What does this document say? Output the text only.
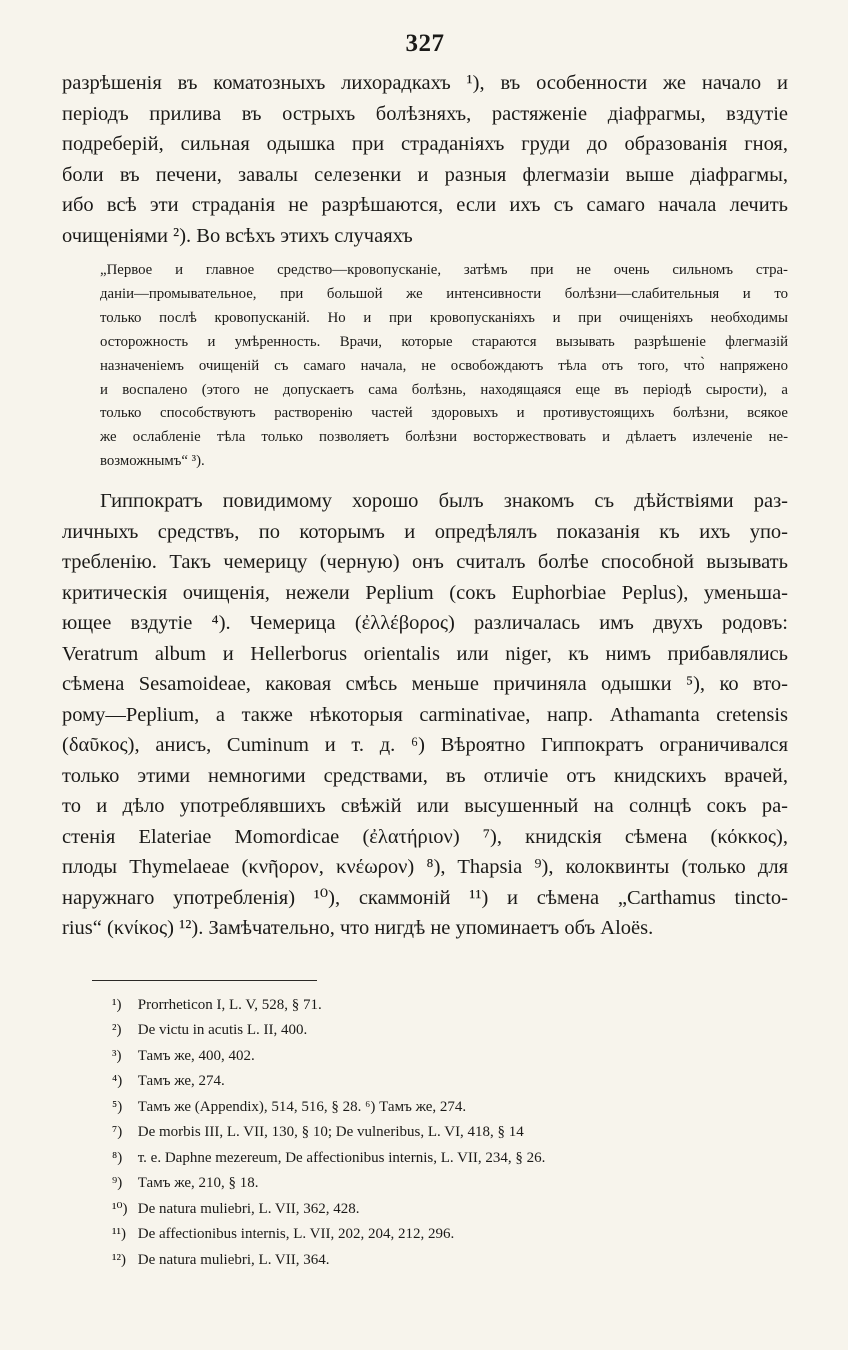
327
разрѣшенія въ коматозныхъ лихорадкахъ ¹), въ особенности же начало и
періодъ прилива въ острыхъ болѣзняхъ, растяженіе діафрагмы, вздутіе
подреберій, сильная одышка при страданіяхъ груди до образованія гноя,
боли въ печени, завалы селезенки и разныя флегмазіи выше діафрагмы,
ибо всѣ эти страданія не разрѣшаются, если ихъ съ самаго начала лечить
очищеніями ²). Во всѣхъ этихъ случаяхъ
„Первое и главное средство—кровопусканіе, затѣмъ при не очень сильномъ стра-
даніи—промывательное, при большой же интенсивности болѣзни—слабительныя и то
только послѣ кровопусканій. Но и при кровопусканіяхъ и при очищеніяхъ необходимы
осторожность и умѣренность. Врачи, которые стараются вызывать разрѣшеніе флегмазій
назначеніемъ очищеній съ самаго начала, не освобождаютъ тѣла отъ того, что̀ напряжено
и воспалено (этого не допускаетъ сама болѣзнь, находящаяся еще въ періодѣ сырости), а
только способствуютъ растворенію частей здоровыхъ и противустоящихъ болѣзни, всякое
же ослабленіе тѣла только позволяетъ болѣзни восторжествовать и дѣлаетъ излеченіе не-
возможнымъ“ ³).
Гиппократъ повидимому хорошо былъ знакомъ съ дѣйствіями раз-
личныхъ средствъ, по которымъ и опредѣлялъ показанія къ ихъ упо-
требленію. Такъ чемерицу (черную) онъ считалъ болѣе способной вызывать
критическія очищенія, нежели Peplium (сокъ Euphorbiae Peplus), уменьша-
ющее вздутіе ⁴). Чемерица (ἐλλέβορος) различалась имъ двухъ родовъ:
Veratrum album и Hellerborus orientalis или niger, къ нимъ прибавлялись
сѣмена Sesamoideae, каковая смѣсь меньше причиняла одышки ⁵), ко вто-
рому—Peplium, а также нѣкоторыя carminativae, напр. Athamanta cretensis
(δαῦκος), анисъ, Cuminum и т. д. ⁶) Вѣроятно Гиппократъ ограничивался
только этими немногими средствами, въ отличіе отъ книдскихъ врачей,
то и дѣло употреблявшихъ свѣжій или высушенный на солнцѣ сокъ ра-
стенія Elateriae Momordicae (ἐλατήριον) ⁷), книдскія сѣмена (κόκκος),
плоды Thymelaeae (κνῆορον, κνέωρον) ⁸), Thapsia ⁹), колоквинты (только для
наружнаго употребленія) ¹⁰), скаммоній ¹¹) и сѣмена „Carthamus tincto-
rius“ (κνίκος) ¹²). Замѣчательно, что нигдѣ не упоминаетъ объ Aloës.
¹) Prorrheticon I, L. V, 528, § 71.
²) De victu in acutis L. II, 400.
³) Тамъ же, 400, 402.
⁴) Тамъ же, 274.
⁵) Тамъ же (Appendix), 514, 516, § 28. ⁶) Тамъ же, 274.
⁷) De morbis III, L. VII, 130, § 10; De vulneribus, L. VI, 418, § 14
⁸) т. е. Daphne mezereum, De affectionibus internis, L. VII, 234, § 26.
⁹) Тамъ же, 210, § 18.
¹⁰) De natura muliebri, L. VII, 362, 428.
¹¹) De affectionibus internis, L. VII, 202, 204, 212, 296.
¹²) De natura muliebri, L. VII, 364.
